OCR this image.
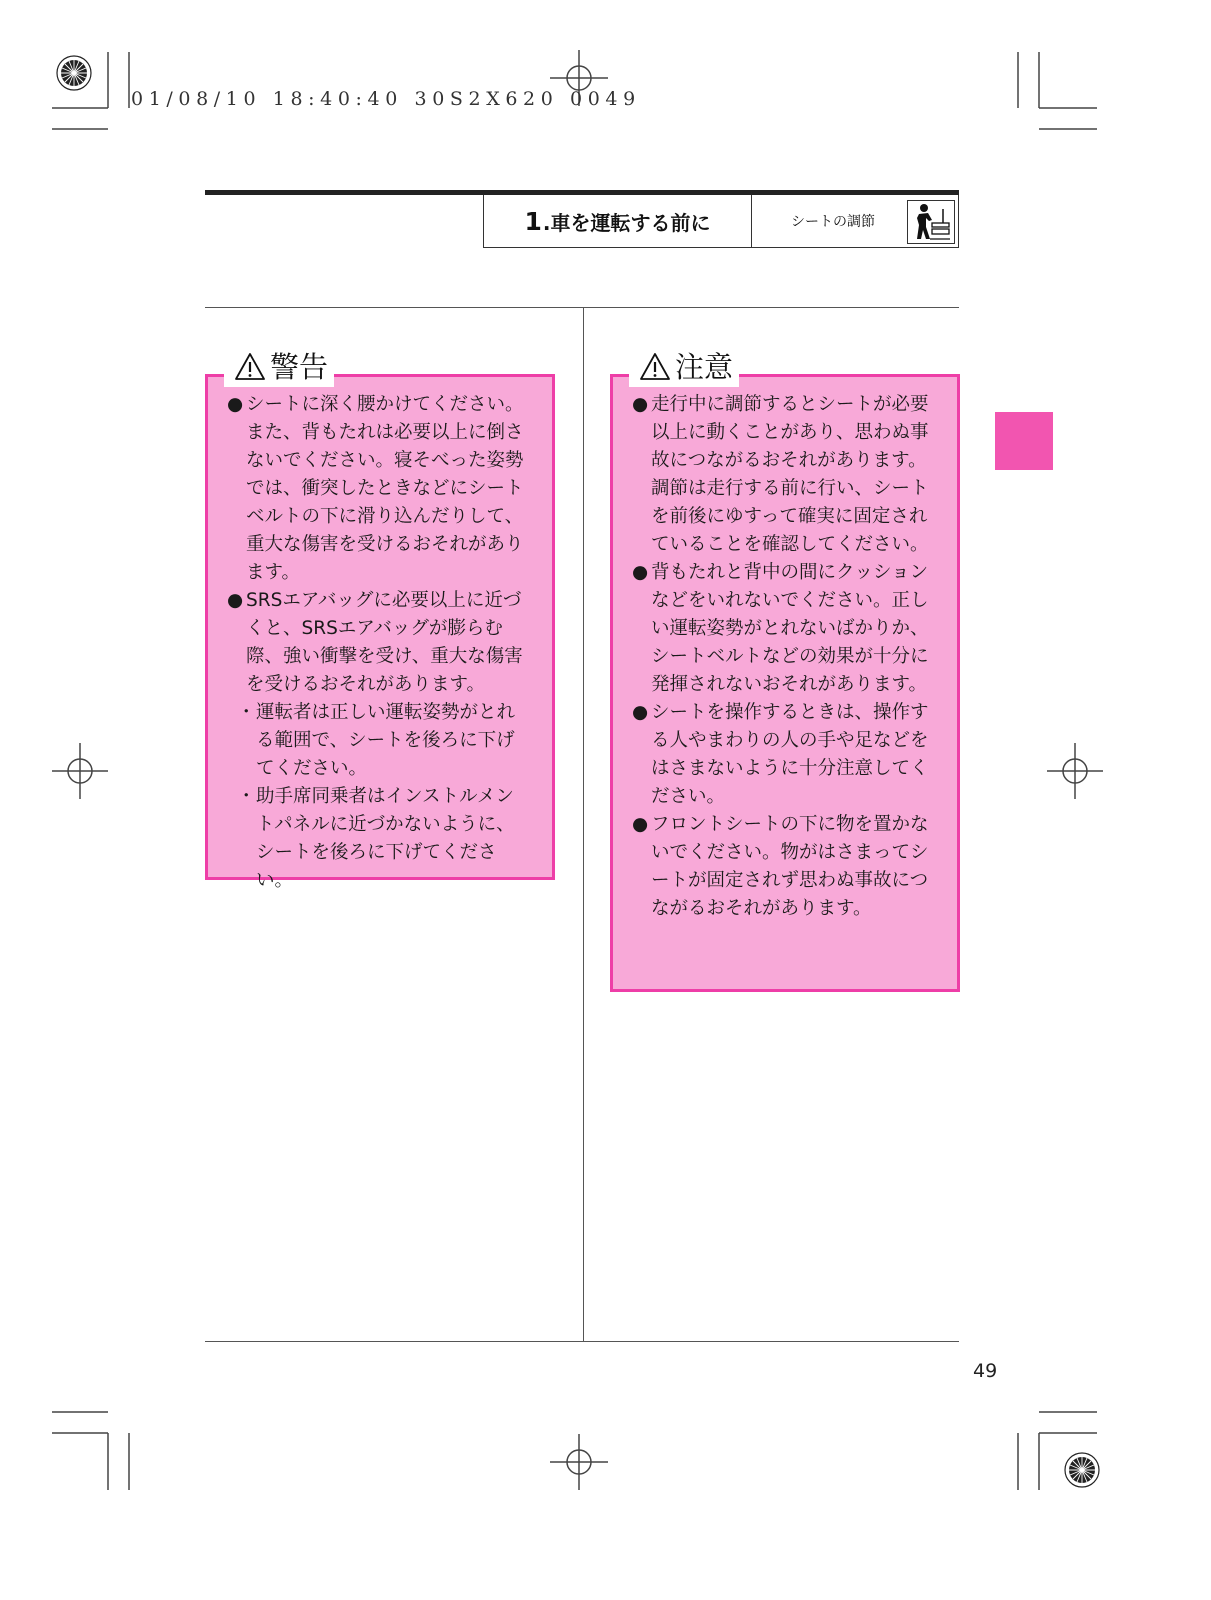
01/08/10 18:40:40 30S2X620 0049
1 .車を運転する前に	シートの調節
警告
● シートに深く腰かけてください。また、背もたれは必要以上に倒さないでください。寝そべった姿勢では、衝突したときなどにシートベルトの下に滑り込んだりして、重大な傷害を受けるおそれがあります。
● SRSエアバッグに必要以上に近づくと、SRSエアバッグが膨らむ際、強い衝撃を受け、重大な傷害を受けるおそれがあります。
・ 運転者は正しい運転姿勢がとれる範囲で、シートを後ろに下げてください。
・ 助手席同乗者はインストルメントパネルに近づかないように、シートを後ろに下げてください。
注意
● 走行中に調節するとシートが必要以上に動くことがあり、思わぬ事故につながるおそれがあります。調節は走行する前に行い、シートを前後にゆすって確実に固定されていることを確認してください。
● 背もたれと背中の間にクッションなどをいれないでください。正しい運転姿勢がとれないばかりか、シートベルトなどの効果が十分に発揮されないおそれがあります。
● シートを操作するときは、操作する人やまわりの人の手や足などをはさまないように十分注意してください。
● フロントシートの下に物を置かないでください。物がはさまってシートが固定されず思わぬ事故につながるおそれがあります。
49
